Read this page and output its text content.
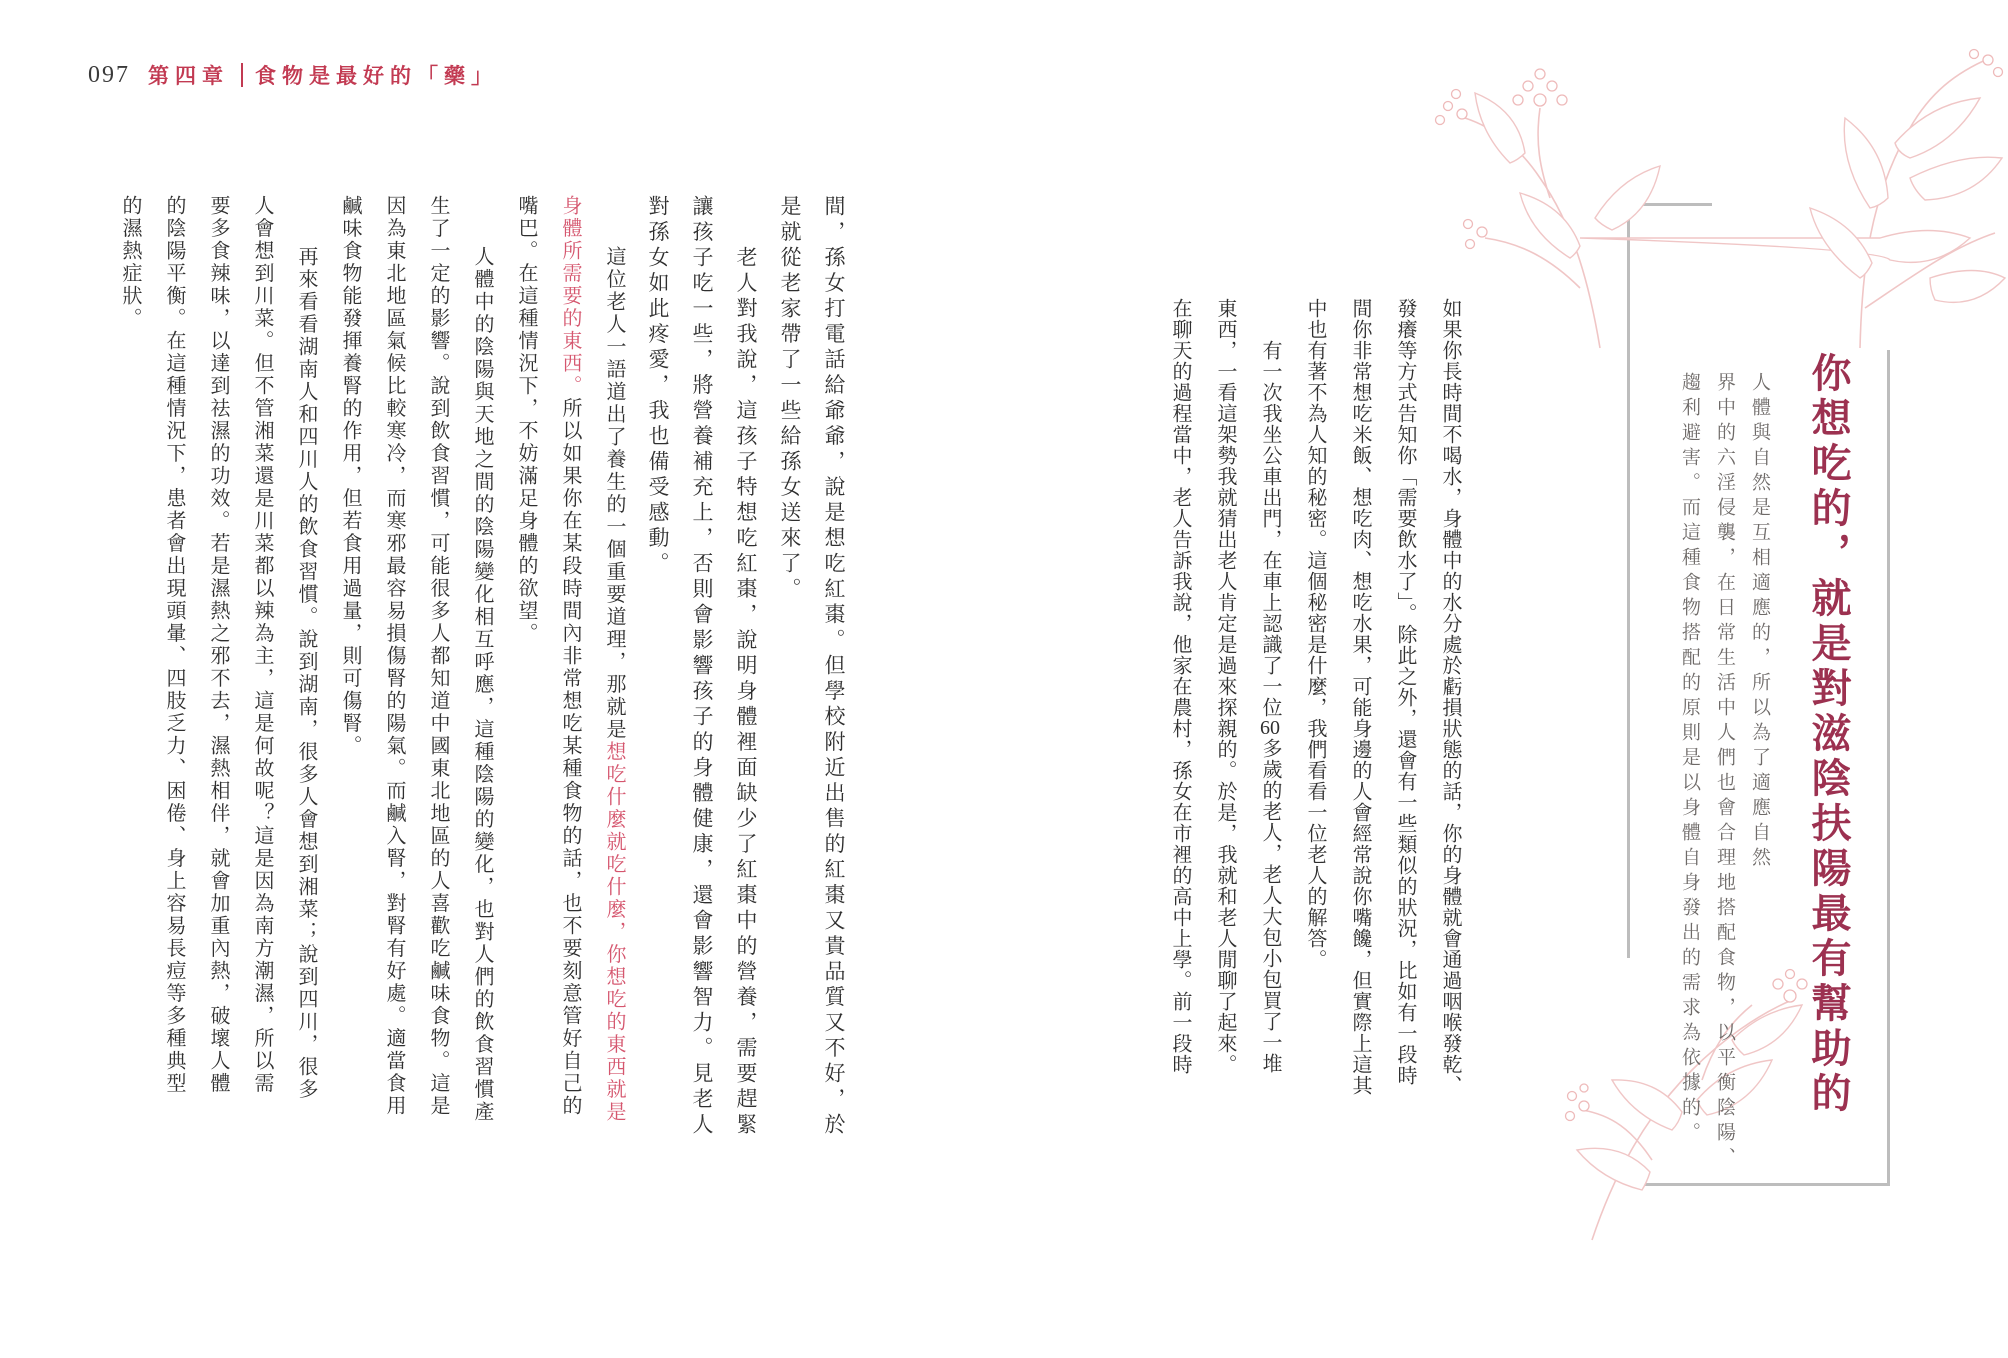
097 第四章 食物是最好的「藥」
你想吃的，就是對滋陰扶陽最有幫助的
人體與自然是互相適應的，所以為了適應自然
界中的六淫侵襲，在日常生活中人們也會合理地搭配食物，以平衡陰陽、
趨利避害。而這種食物搭配的原則是以身體自身發出的需求為依據的。
如果你長時間不喝水，身體中的水分處於虧損狀態的話，你的身體就會通過咽喉發乾、
發癢等方式告知你「需要飲水了」。除此之外，還會有一些類似的狀況，比如有一段時
間你非常想吃米飯、想吃肉、想吃水果，可能身邊的人會經常說你嘴饞，但實際上這其
中也有著不為人知的秘密。這個秘密是什麼，我們看看一位老人的解答。
有一次我坐公車出門，在車上認識了一位60多歲的老人，老人大包小包買了一堆
東西，一看這架勢我就猜出老人肯定是過來探親的。於是，我就和老人閒聊了起來。
在聊天的過程當中，老人告訴我說，他家在農村，孫女在市裡的高中上學。前一段時
間，孫女打電話給爺爺，說是想吃紅棗。但學校附近出售的紅棗又貴品質又不好，於
是就從老家帶了一些給孫女送來了。
老人對我說，這孩子特想吃紅棗，說明身體裡面缺少了紅棗中的營養，需要趕緊
讓孩子吃一些，將營養補充上，否則會影響孩子的身體健康，還會影響智力。見老人
對孫女如此疼愛，我也備受感動。
這位老人一語道出了養生的一個重要道理，那就是想吃什麼就吃什麼，你想吃的東西就是
身體所需要的東西。所以如果你在某段時間內非常想吃某種食物的話，也不要刻意管好自己的
嘴巴。在這種情況下，不妨滿足身體的欲望。
人體中的陰陽與天地之間的陰陽變化相互呼應，這種陰陽的變化，也對人們的飲食習慣產
生了一定的影響。說到飲食習慣，可能很多人都知道中國東北地區的人喜歡吃鹹味食物。這是
因為東北地區氣候比較寒冷，而寒邪最容易損傷腎的陽氣。而鹹入腎，對腎有好處。適當食用
鹹味食物能發揮養腎的作用，但若食用過量，則可傷腎。
再來看看湖南人和四川人的飲食習慣。說到湖南，很多人會想到湘菜；說到四川，很多
人會想到川菜。但不管湘菜還是川菜都以辣為主，這是何故呢？這是因為南方潮濕，所以需
要多食辣味，以達到祛濕的功效。若是濕熱之邪不去，濕熱相伴，就會加重內熱，破壞人體
的陰陽平衡。在這種情況下，患者會出現頭暈、四肢乏力、困倦、身上容易長痘等多種典型
的濕熱症狀。
